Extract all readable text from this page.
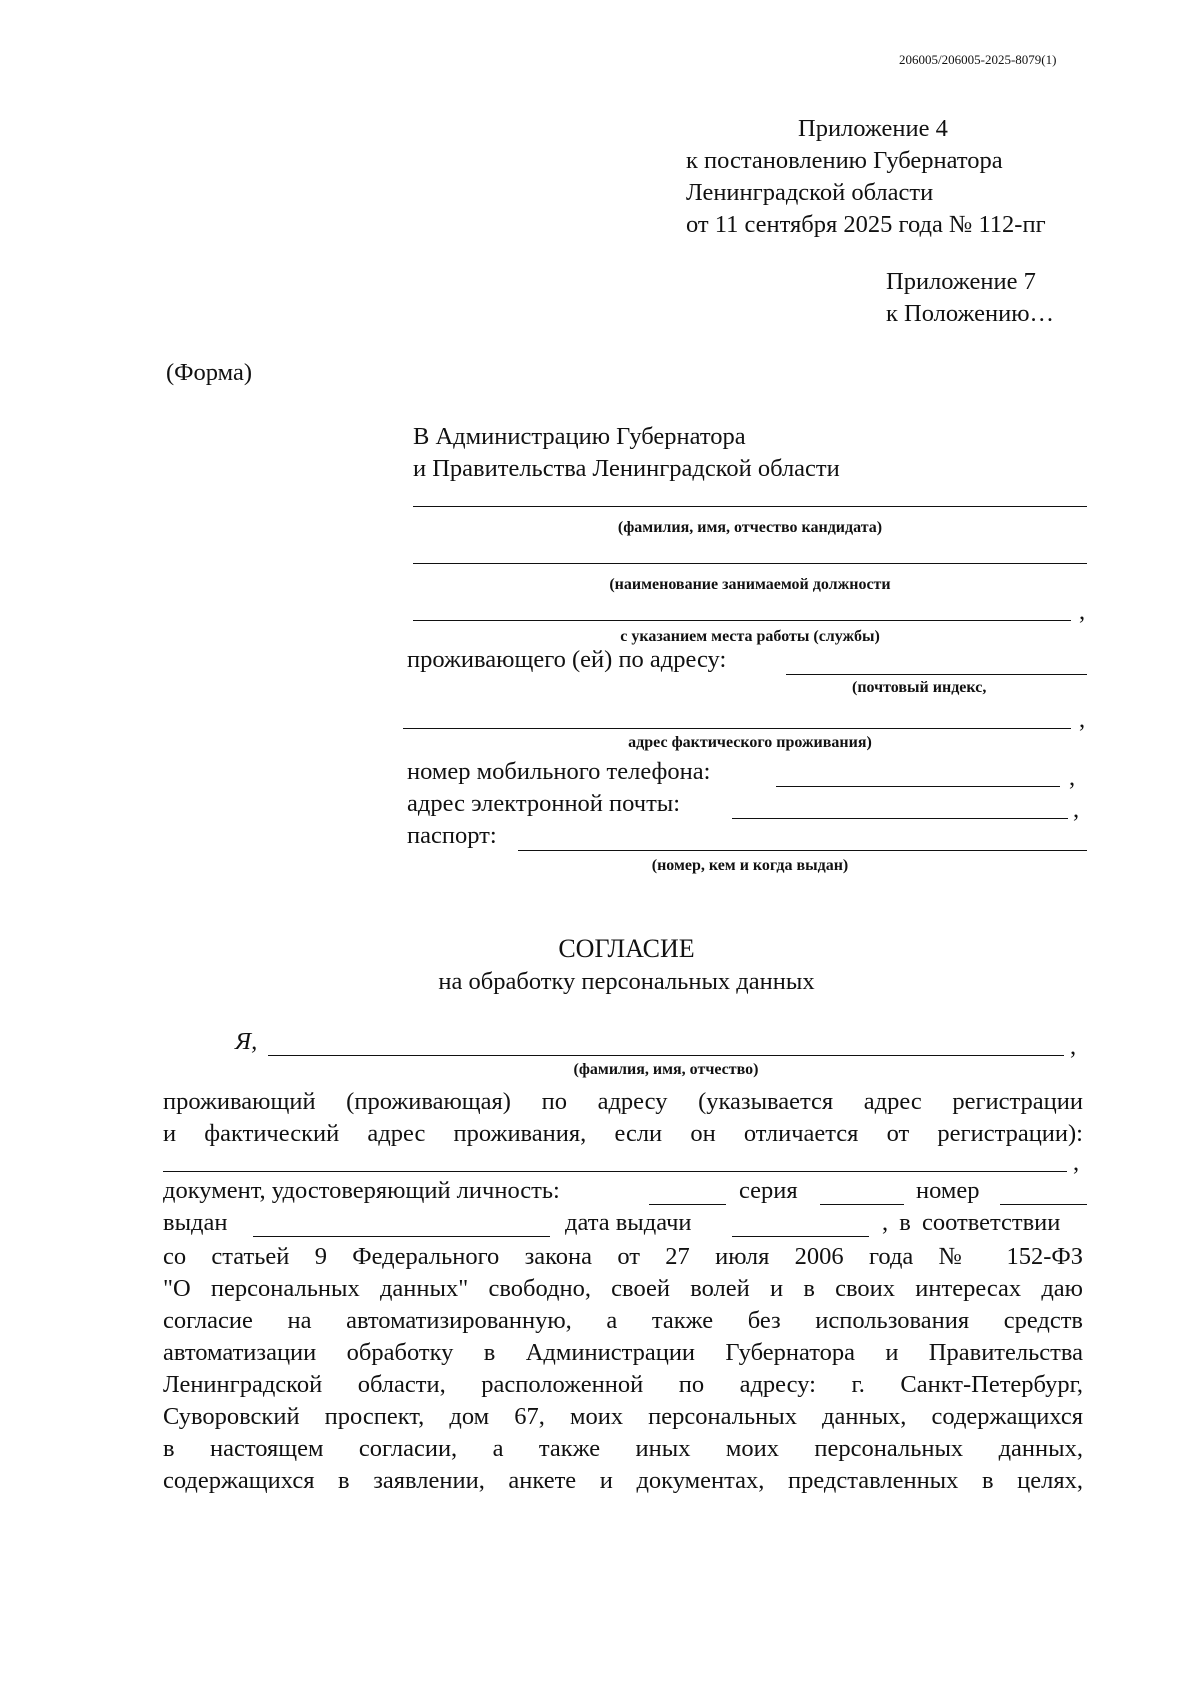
206005/206005-2025-8079(1)
Приложение 4
к постановлению Губернатора
Ленинградской области
от 11 сентября 2025 года № 112-пг
Приложение 7
к Положению…
(Форма)
В Администрацию Губернатора
и Правительства Ленинградской области
(фамилия, имя, отчество кандидата)
(наименование занимаемой должности
,
с указанием места работы (службы)
проживающего (ей) по адресу:
(почтовый индекс,
,
адрес фактического проживания)
номер мобильного телефона:	,
адрес электронной почты:	,
паспорт:
(номер, кем и когда выдан)
СОГЛАСИЕ
на обработку персональных данных
Я,	,
(фамилия, имя, отчество)
проживающий (проживающая) по адресу (указывается адрес регистрации
и фактический адрес проживания, если он отличается от регистрации):
,
документ, удостоверяющий личность:	серия	номер
выдан	дата выдачи	, в соответствии
со статьей 9 Федерального закона от 27 июля 2006 года № 152-ФЗ
"О персональных данных" свободно, своей волей и в своих интересах даю
согласие на автоматизированную, а также без использования средств
автоматизации обработку в Администрации Губернатора и Правительства
Ленинградской области, расположенной по адресу: г. Санкт-Петербург,
Суворовский проспект, дом 67, моих персональных данных, содержащихся
в настоящем согласии, а также иных моих персональных данных,
содержащихся в заявлении, анкете и документах, представленных в целях,
